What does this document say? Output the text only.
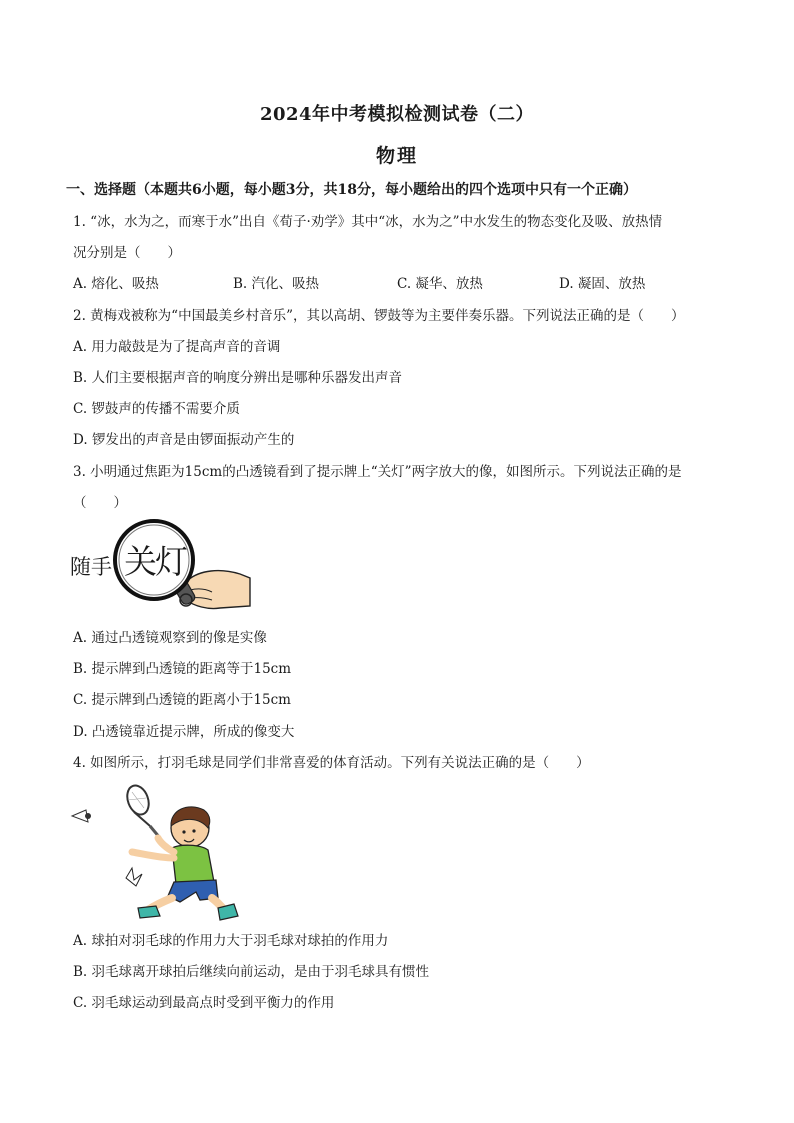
2024年中考模拟检测试卷（二）
物理
一、选择题（本题共6小题，每小题3分，共18分，每小题给出的四个选项中只有一个正确）
1. “冰，水为之，而寒于水”出自《荀子·劝学》其中“冰，水为之”中水发生的物态变化及吸、放热情
况分别是（　　）
A. 熔化、吸热	B. 汽化、吸热	C. 凝华、放热	D. 凝固、放热
2. 黄梅戏被称为“中国最美乡村音乐”，其以高胡、锣鼓等为主要伴奏乐器。下列说法正确的是（　　）
A. 用力敲鼓是为了提高声音的音调
B. 人们主要根据声音的响度分辨出是哪种乐器发出声音
C. 锣鼓声的传播不需要介质
D. 锣发出的声音是由锣面振动产生的
3. 小明通过焦距为15cm的凸透镜看到了提示牌上“关灯”两字放大的像，如图所示。下列说法正确的是
（　　）
随手 关灯
A. 通过凸透镜观察到的像是实像
B. 提示牌到凸透镜的距离等于15cm
C. 提示牌到凸透镜的距离小于15cm
D. 凸透镜靠近提示牌，所成的像变大
4. 如图所示，打羽毛球是同学们非常喜爱的体育活动。下列有关说法正确的是（　　）
A. 球拍对羽毛球的作用力大于羽毛球对球拍的作用力
B. 羽毛球离开球拍后继续向前运动，是由于羽毛球具有惯性
C. 羽毛球运动到最高点时受到平衡力的作用
